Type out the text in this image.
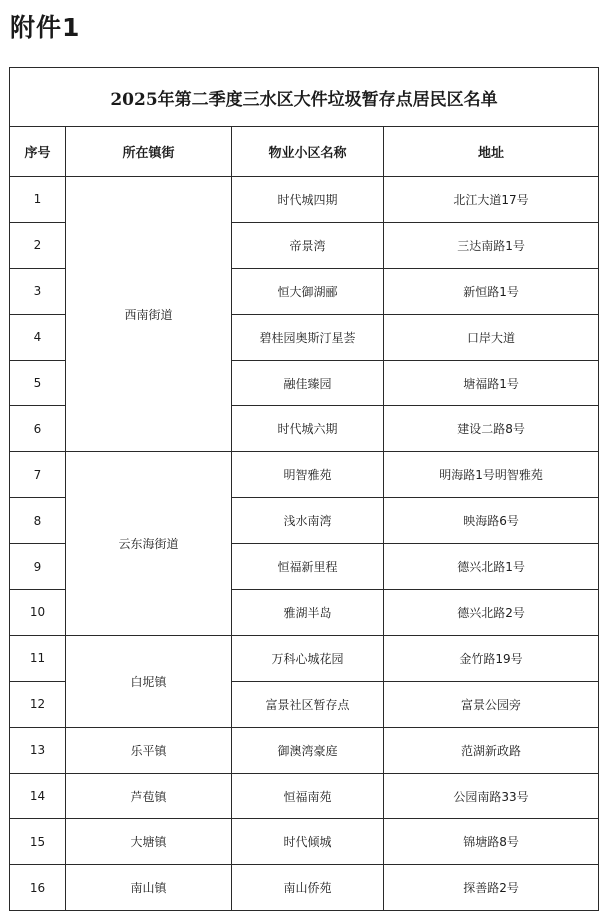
附件1
2025年第二季度三水区大件垃圾暂存点居民区名单			
序号	所在镇街	物业小区名称	地址
1	西南街道	时代城四期	北江大道17号
2		帝景湾	三达南路1号
3		恒大御湖郦	新恒路1号
4		碧桂园奥斯汀星荟	口岸大道
5		融佳臻园	塘福路1号
6		时代城六期	建设二路8号
7	云东海街道	明智雅苑	明海路1号明智雅苑
8		浅水南湾	映海路6号
9		恒福新里程	德兴北路1号
10		雅湖半岛	德兴北路2号
11	白坭镇	万科心城花园	金竹路19号
12		富景社区暂存点	富景公园旁
13	乐平镇	御澳湾豪庭	范湖新政路
14	芦苞镇	恒福南苑	公园南路33号
15	大塘镇	时代倾城	锦塘路8号
16	南山镇	南山侨苑	探善路2号
